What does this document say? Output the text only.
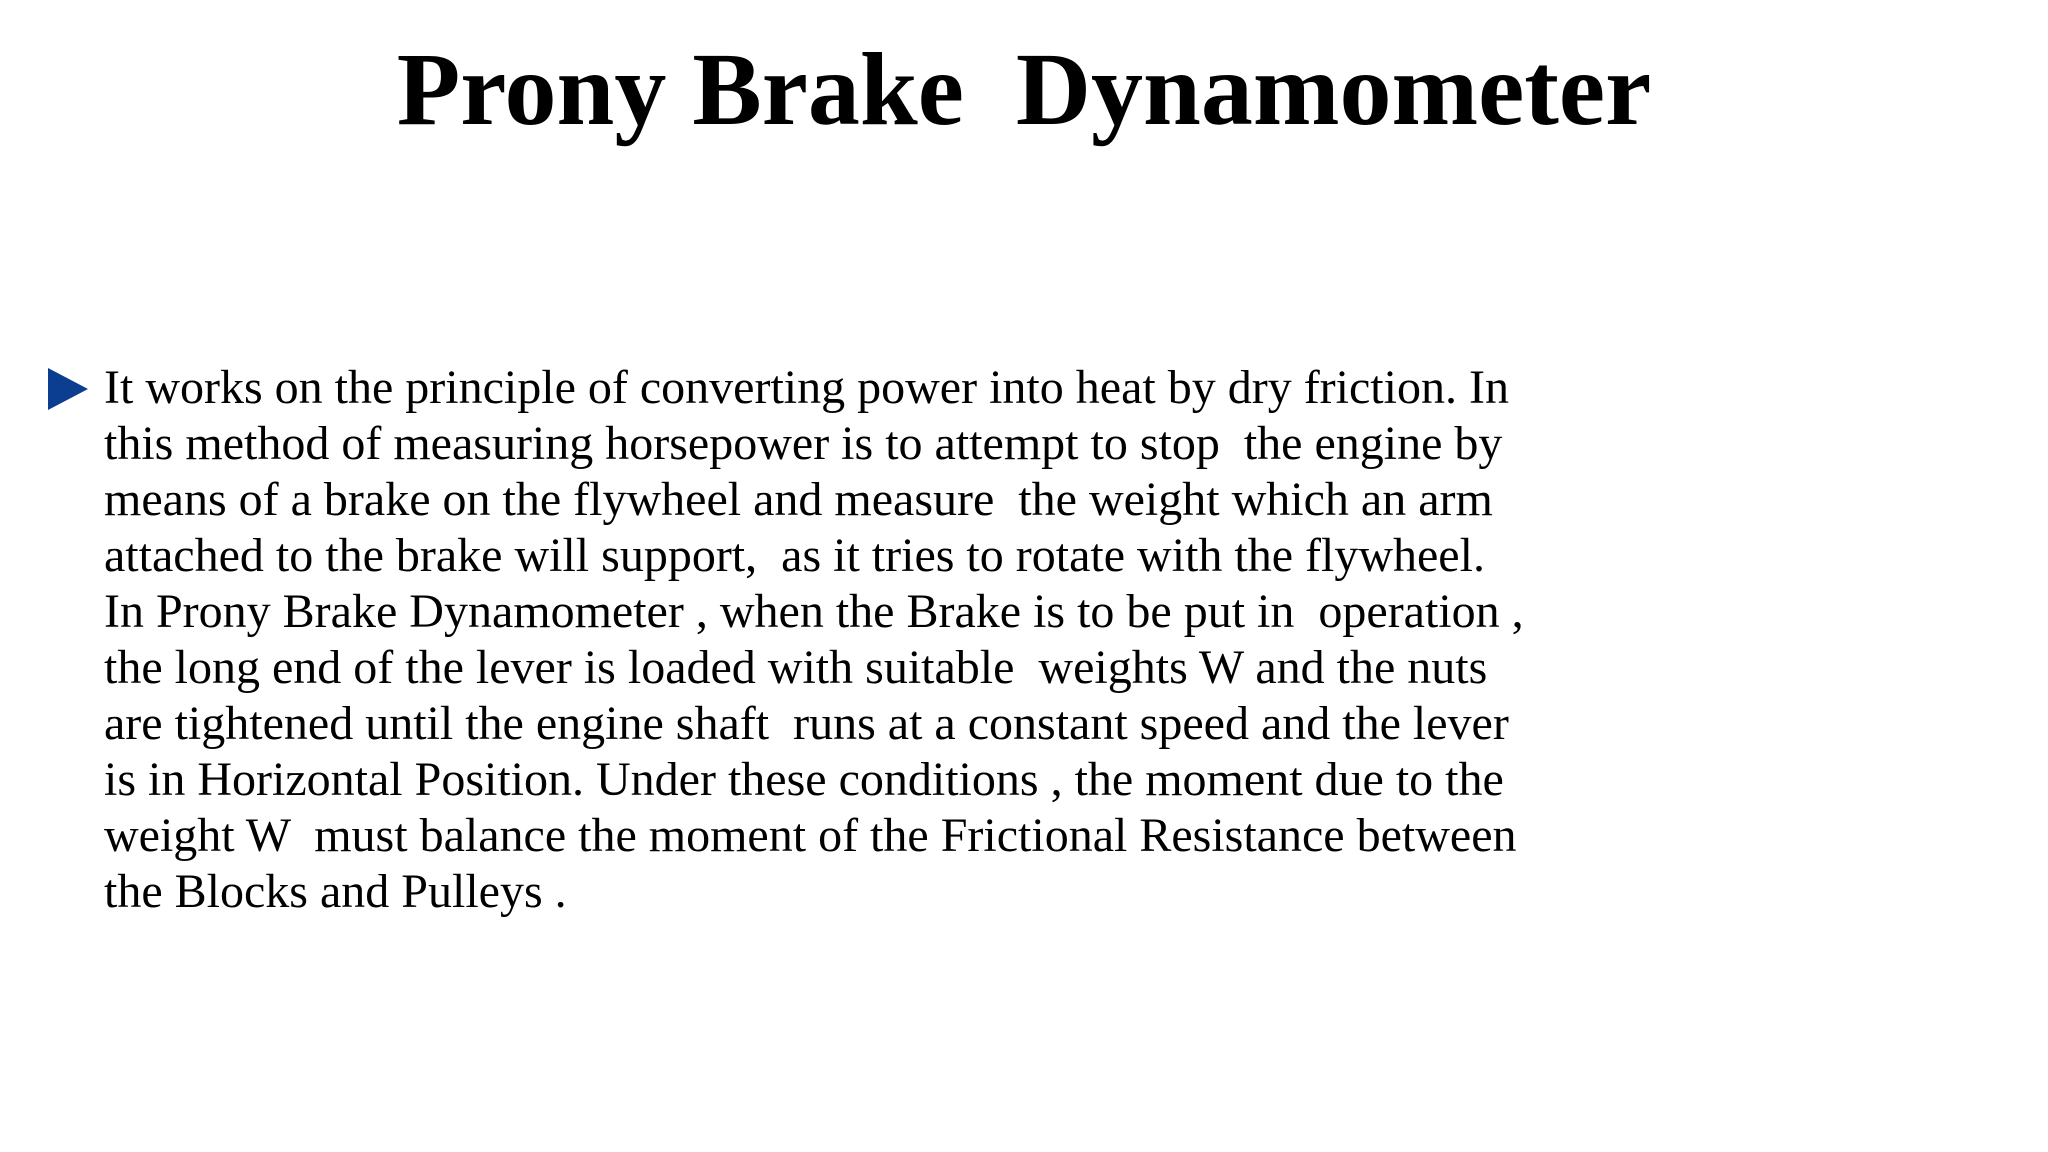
Prony Brake  Dynamometer
It works on the principle of converting power into heat by dry friction. In
this method of measuring horsepower is to attempt to stop  the engine by
means of a brake on the flywheel and measure  the weight which an arm
attached to the brake will support,  as it tries to rotate with the flywheel.
In Prony Brake Dynamometer , when the Brake is to be put in  operation ,
the long end of the lever is loaded with suitable  weights W and the nuts
are tightened until the engine shaft  runs at a constant speed and the lever
is in Horizontal Position. Under these conditions , the moment due to the
weight W  must balance the moment of the Frictional Resistance between
the Blocks and Pulleys .
